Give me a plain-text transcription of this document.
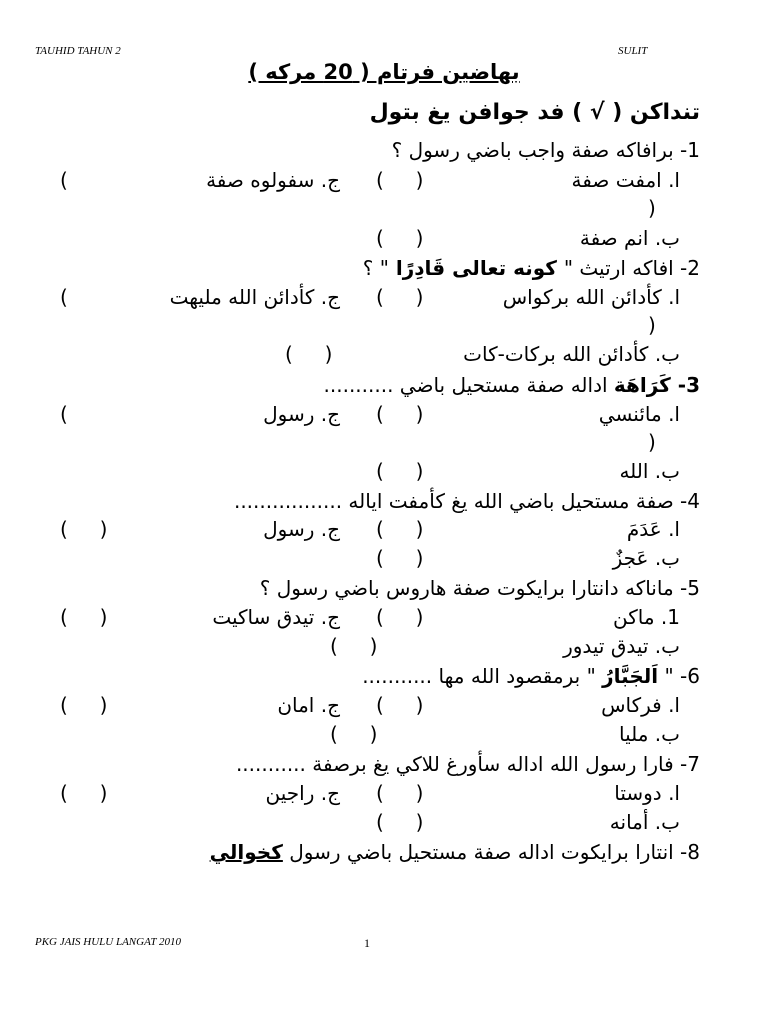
TAUHID TAHUN 2	SULIT
بهاضين فرتام ( 20 مركه )
تنداكن ( √ ) فد جوافن يغ بتول
1- برافاكه صفة واجب باضي رسول ؟
ا. امفت صفة
(     )
ج. سفولوه صفة
(
)
ب. انم صفة
(     )
2- افاكه ارتيث " كونه تعالى قَادِرًا " ؟
ا. كأدائن الله بركواس
(     )
ج. كأدائن الله مليهت
(
)
ب. كأدائن الله بركات-كات
(     )
3- كَرَاهَة اداله صفة مستحيل باضي ...........
ا. مائنسي
(     )
ج. رسول
(
)
ب. الله
(     )
4- صفة مستحيل باضي الله يغ كأمفت اياله .................
ا. عَدَمَ
(     )
ج. رسول
(     )
ب. عَجزٌ
(     )
5- ماناكه دانتارا برايكوت صفة هاروس باضي رسول ؟
1. ماكن
(     )
ج. تيدق ساكيت
(     )
ب. تيدق تيدور
(     )
6- " اَلجَبَّارُ " برمقصود الله مها ...........
ا. فركاس
(     )
ج. امان
(     )
ب. مليا
(     )
7- فارا رسول الله اداله سأورغ للاكي يغ برصفة ...........
ا. دوستا
(     )
ج. راجين
(     )
ب. أمانه
(     )
8- انتارا برايكوت اداله صفة مستحيل باضي رسول كخوالي
PKG JAIS HULU LANGAT 2010	1
